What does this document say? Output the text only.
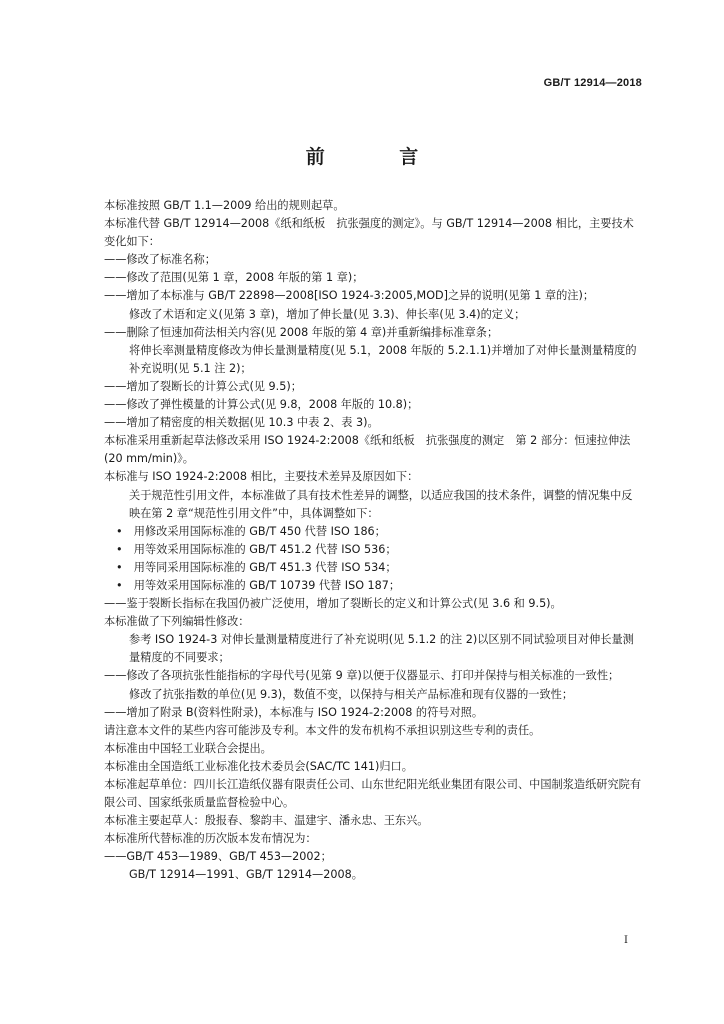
GB/T 12914—2018
前 言

本标准按照 GB/T 1.1—2009 给出的规则起草。

本标准代替 GB/T 12914—2008《纸和纸板　抗张强度的测定》。与 GB/T 12914—2008 相比，主要技术变化如下：

——修改了标准名称；

——修改了范围(见第 1 章，2008 年版的第 1 章)；

——增加了本标准与 GB/T 22898—2008[ISO 1924-3:2005,MOD]之异的说明(见第 1 章的注)；

修改了术语和定义(见第 3 章)，增加了伸长量(见 3.3)、伸长率(见 3.4)的定义；

——删除了恒速加荷法相关内容(见 2008 年版的第 4 章)并重新编排标准章条；

将伸长率测量精度修改为伸长量测量精度(见 5.1，2008 年版的 5.2.1.1)并增加了对伸长量测量精度的补充说明(见 5.1 注 2)；

——增加了裂断长的计算公式(见 9.5)；

——修改了弹性模量的计算公式(见 9.8，2008 年版的 10.8)；

——增加了精密度的相关数据(见 10.3 中表 2、表 3)。

本标准采用重新起草法修改采用 ISO 1924-2:2008《纸和纸板　抗张强度的测定　第 2 部分：恒速拉伸法(20 mm/min)》。

本标准与 ISO 1924-2:2008 相比，主要技术差异及原因如下：

关于规范性引用文件，本标准做了具有技术性差异的调整，以适应我国的技术条件，调整的情况集中反映在第 2 章“规范性引用文件”中，具体调整如下：

•　用修改采用国际标准的 GB/T 450 代替 ISO 186；

•　用等效采用国际标准的 GB/T 451.2 代替 ISO 536；

•　用等同采用国际标准的 GB/T 451.3 代替 ISO 534；

•　用等效采用国际标准的 GB/T 10739 代替 ISO 187；

——鉴于裂断长指标在我国仍被广泛使用，增加了裂断长的定义和计算公式(见 3.6 和 9.5)。

本标准做了下列编辑性修改：

参考 ISO 1924-3 对伸长量测量精度进行了补充说明(见 5.1.2 的注 2)以区别不同试验项目对伸长量测量精度的不同要求；

——修改了各项抗张性能指标的字母代号(见第 9 章)以便于仪器显示、打印并保持与相关标准的一致性；

修改了抗张指数的单位(见 9.3)，数值不变，以保持与相关产品标准和现有仪器的一致性；

——增加了附录 B(资料性附录)，本标准与 ISO 1924-2:2008 的符号对照。

请注意本文件的某些内容可能涉及专利。本文件的发布机构不承担识别这些专利的责任。

本标准由中国轻工业联合会提出。

本标准由全国造纸工业标准化技术委员会(SAC/TC 141)归口。

本标准起草单位：四川长江造纸仪器有限责任公司、山东世纪阳光纸业集团有限公司、中国制浆造纸研究院有限公司、国家纸张质量监督检验中心。

本标准主要起草人：殷报春、黎韵丰、温建宇、潘永忠、王东兴。

本标准所代替标准的历次版本发布情况为：

——GB/T 453—1989、GB/T 453—2002；

GB/T 12914—1991、GB/T 12914—2008。

I
